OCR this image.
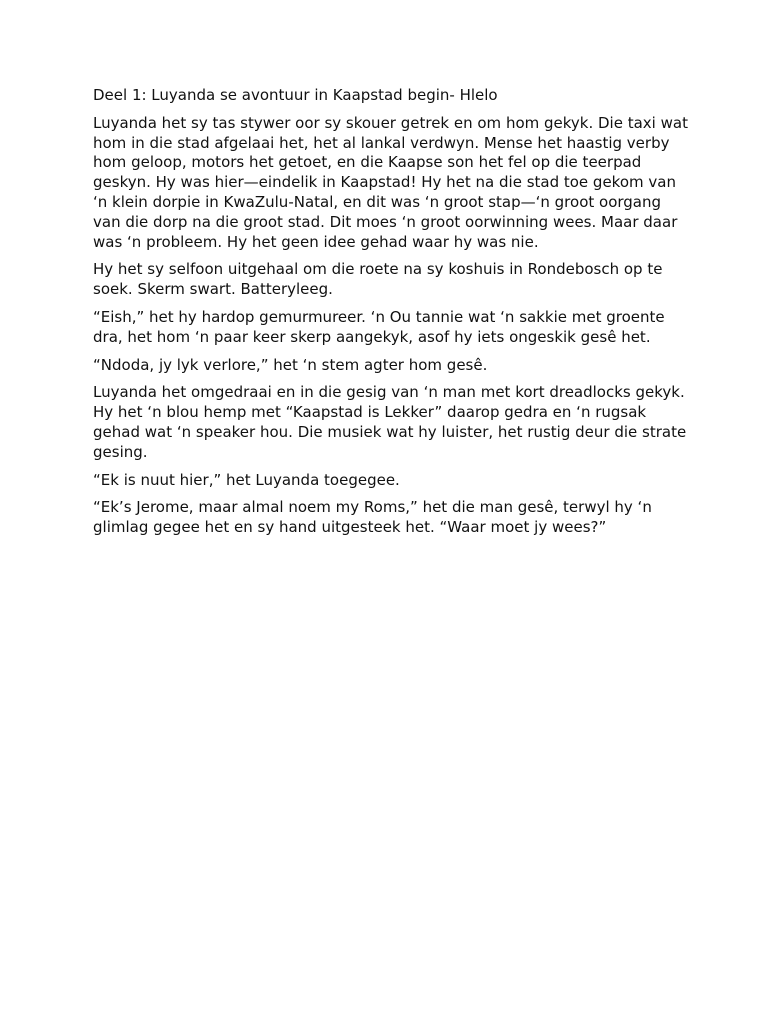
Deel 1: Luyanda se avontuur in Kaapstad begin- Hlelo

Luyanda het sy tas stywer oor sy skouer getrek en om hom gekyk. Die taxi wat hom in die stad afgelaai het, het al lankal verdwyn. Mense het haastig verby hom geloop, motors het getoet, en die Kaapse son het fel op die teerpad geskyn. Hy was hier—eindelik in Kaapstad! Hy het na die stad toe gekom van ‘n klein dorpie in KwaZulu-Natal, en dit was ‘n groot stap—‘n groot oorgang van die dorp na die groot stad. Dit moes ‘n groot oorwinning wees. Maar daar was ‘n probleem. Hy het geen idee gehad waar hy was nie.

Hy het sy selfoon uitgehaal om die roete na sy koshuis in Rondebosch op te soek. Skerm swart. Batteryleeg.

“Eish,” het hy hardop gemurmureer. ‘n Ou tannie wat ‘n sakkie met groente dra, het hom ‘n paar keer skerp aangekyk, asof hy iets ongeskik gesê het.

“Ndoda, jy lyk verlore,” het ‘n stem agter hom gesê.

Luyanda het omgedraai en in die gesig van ‘n man met kort dreadlocks gekyk. Hy het ‘n blou hemp met “Kaapstad is Lekker” daarop gedra en ‘n rugsak gehad wat ‘n speaker hou. Die musiek wat hy luister, het rustig deur die strate gesing.

“Ek is nuut hier,” het Luyanda toegegee.

“Ek’s Jerome, maar almal noem my Roms,” het die man gesê, terwyl hy ‘n glimlag gegee het en sy hand uitgesteek het. “Waar moet jy wees?”
